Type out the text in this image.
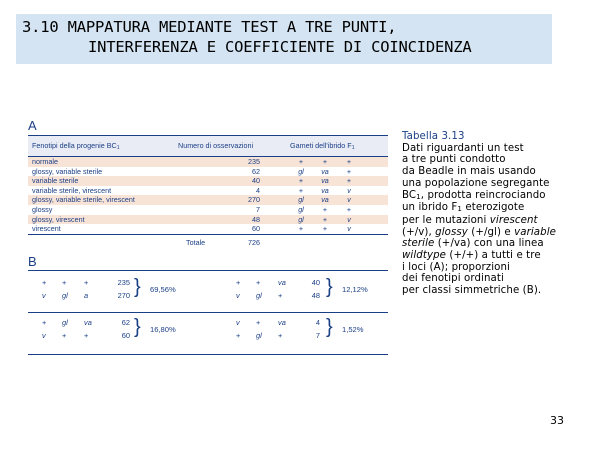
3.10 MAPPATURA MEDIANTE TEST A TRE PUNTI,
INTERFERENZA E COEFFICIENTE DI COINCIDENZA
A
Fenotipi della progenie $BC_1$	Numero di osservazioni	Gameti dell'ibrido $F_1$
normale	235	+	+	+
glossy, variable sterile	62	gl	va	+
variable sterile	40	+	va	+
variable sterile, virescent	4	+	va	v
glossy, variable sterile, virescent	270	gl	va	v
glossy	7	gl	+	+
glossy, virescent	48	gl	+	v
virescent	60	+	+	v
Totale	726
B
+ + +	235	+ + va	40
v gl a	270	v gl +	48
} 69,56%	} 12,12%
+ gl va	62	v + va	4
v + +	60	+ gl +	7
} 16,80%	} 1,52%
Tabella 3.13
Dati riguardanti un test
a tre punti condotto
da Beadle in mais usando
una popolazione segregante
$BC_1$, prodotta reincrociando
un ibrido $F_1$ eterozigote
per le mutazioni virescent
(+/v), glossy (+/gl) e variable
sterile (+/va) con una linea
wildtype (+/+) a tutti e tre
i loci (A); proporzioni
dei fenotipi ordinati
per classi simmetriche (B).
33
